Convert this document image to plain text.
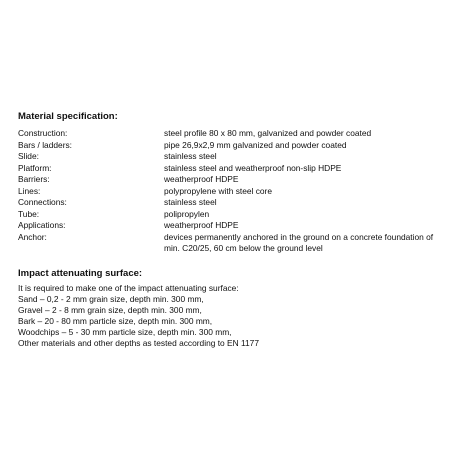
Material specification:
Construction:	steel profile 80 x 80 mm, galvanized and powder coated
Bars / ladders:	pipe 26,9x2,9 mm galvanized and powder coated
Slide:	stainless steel
Platform:	stainless steel and weatherproof non-slip HDPE
Barriers:	weatherproof HDPE
Lines:	polypropylene with steel core
Connections:	stainless steel
Tube:	polipropylen
Applications:	weatherproof HDPE
Anchor:	devices permanently anchored in the ground on a concrete foundation of min. C20/25, 60 cm below the ground level
Impact attenuating surface:
It is required to make one of the impact attenuating surface:
Sand – 0,2 - 2 mm grain size, depth min. 300 mm,
Gravel – 2 - 8 mm grain size, depth min. 300 mm,
Bark – 20 - 80 mm particle size, depth min. 300 mm,
Woodchips – 5 - 30 mm particle size, depth min. 300 mm,
Other materials and other depths as tested according to EN 1177
